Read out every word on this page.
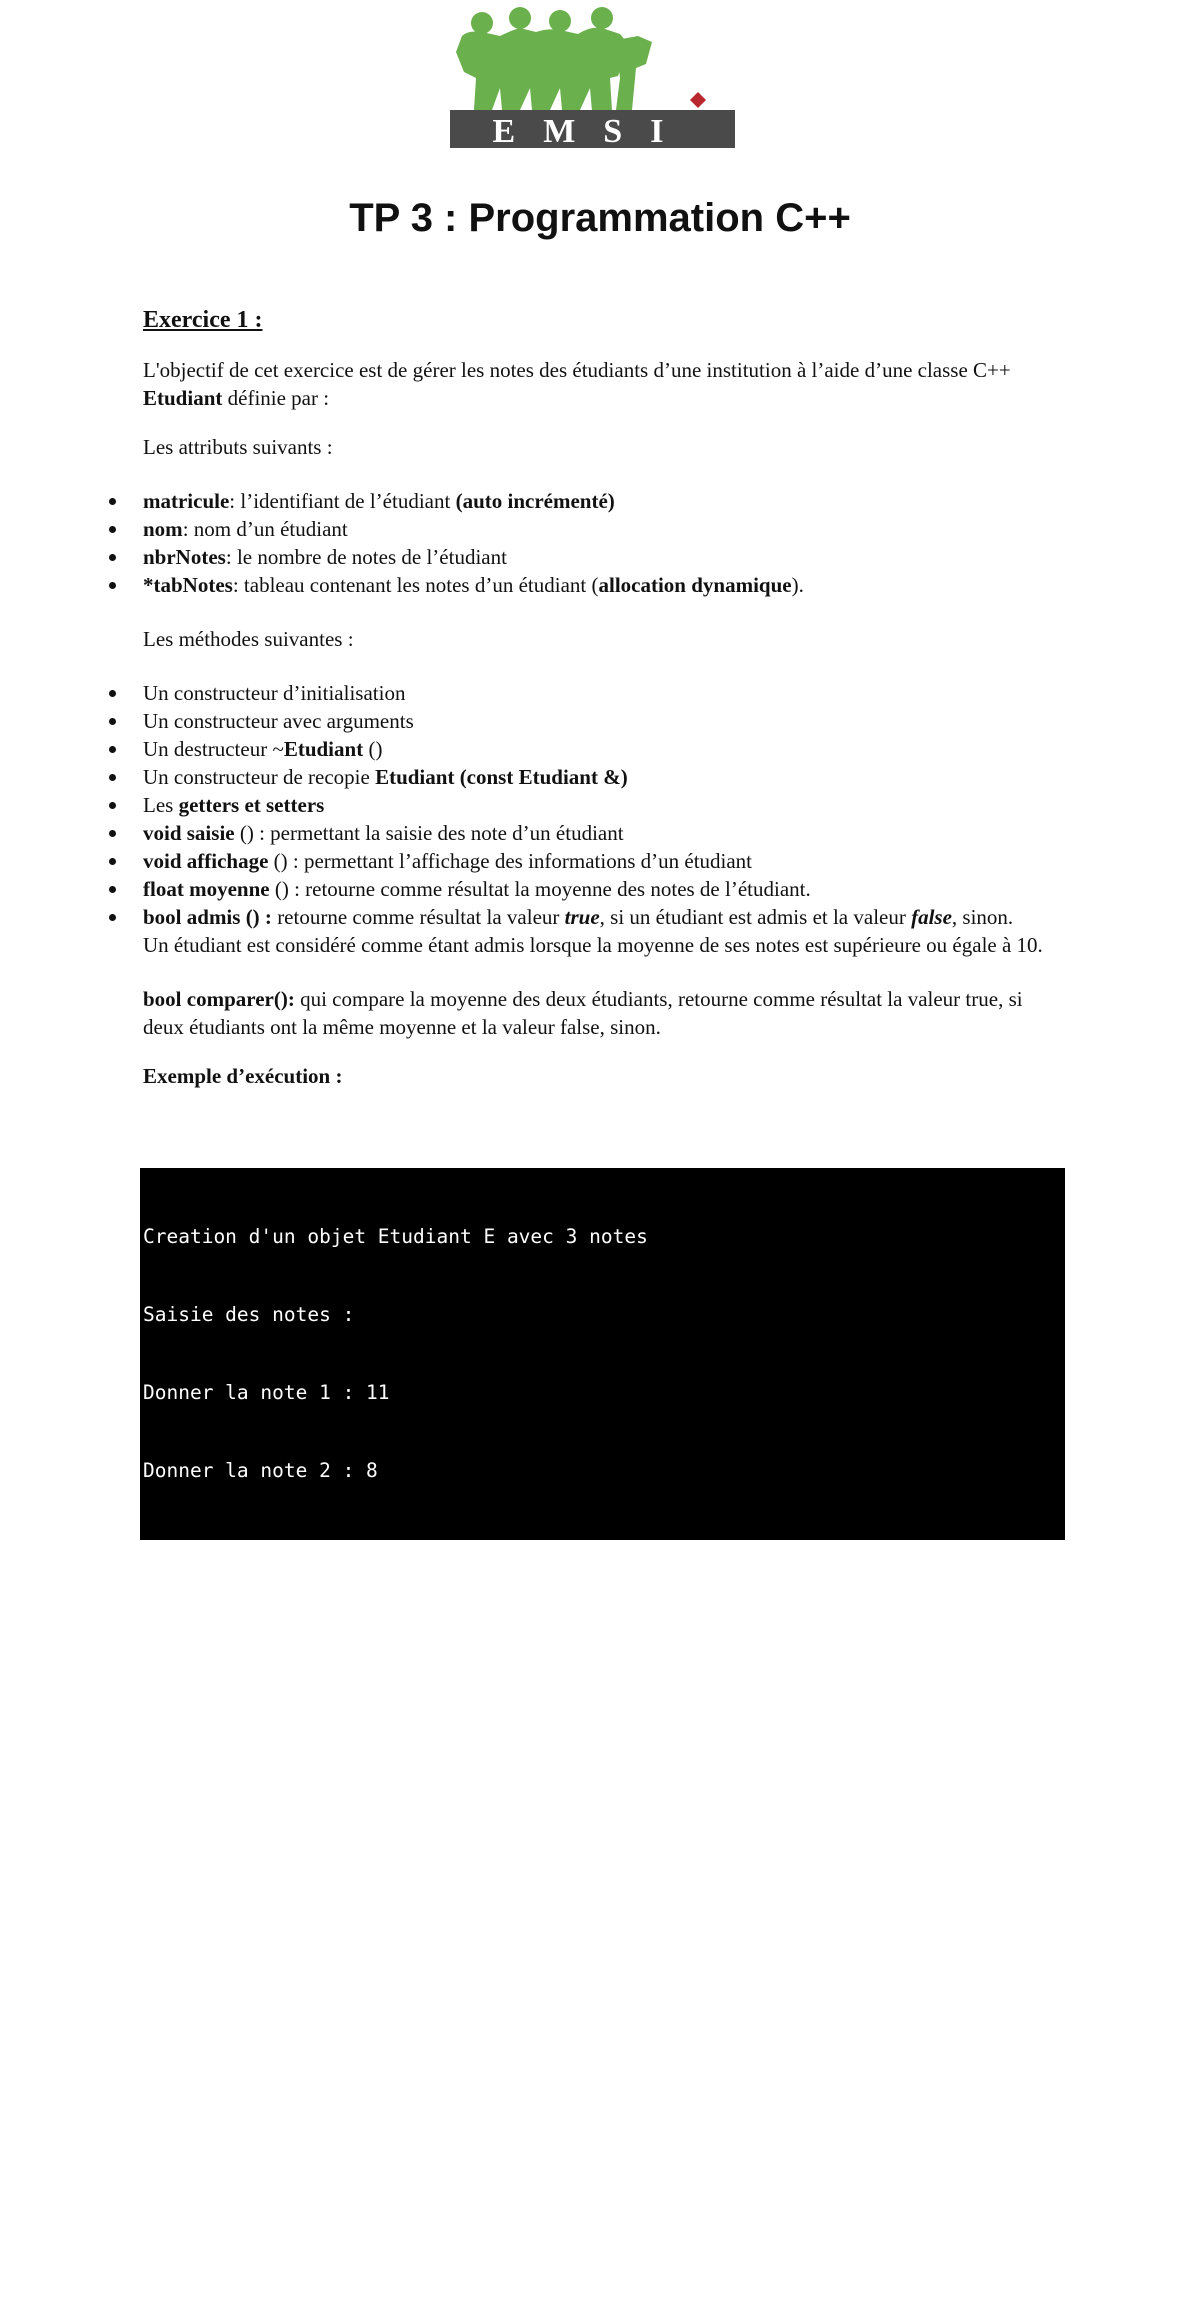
EMSI
TP 3 : Programmation C++

Exercice 1 :

L'objectif de cet exercice est de gérer les notes des étudiants d’une institution à l’aide d’une classe C++ Etudiant définie par :

Les attributs suivants :

matricule: l’identifiant de l’étudiant (auto incrémenté)
nom: nom d’un étudiant
nbrNotes: le nombre de notes de l’étudiant
*tabNotes: tableau contenant les notes d’un étudiant (allocation dynamique).

Les méthodes suivantes :

Un constructeur d’initialisation
Un constructeur avec arguments
Un destructeur ~Etudiant ()
Un constructeur de recopie Etudiant (const Etudiant &)
Les getters et setters
void saisie () : permettant la saisie des note d’un étudiant
void affichage () : permettant l’affichage des informations d’un étudiant
float moyenne () : retourne comme résultat la moyenne des notes de l’étudiant.
bool admis () : retourne comme résultat la valeur true, si un étudiant est admis et la valeur false, sinon. Un étudiant est considéré comme étant admis lorsque la moyenne de ses notes est supérieure ou égale à 10.

bool comparer(): qui compare la moyenne des deux étudiants, retourne comme résultat la valeur true, si deux étudiants ont la même moyenne et la valeur false, sinon.

Exemple d’exécution :

Creation d'un objet Etudiant E avec 3 notes

Saisie des notes :

Donner la note 1 : 11

Donner la note 2 : 8

Donner la note 3 : 16

Affichage de l'etudiant E:

- Matricule : 1

- Nom : etud1

- Nombre de notes : 3

- Notes : 11 8 16

Copie de l'etudiant E dans E1

L'affichage de l'etudiant E1:

- Matricule : 1

- Nom : etud1
